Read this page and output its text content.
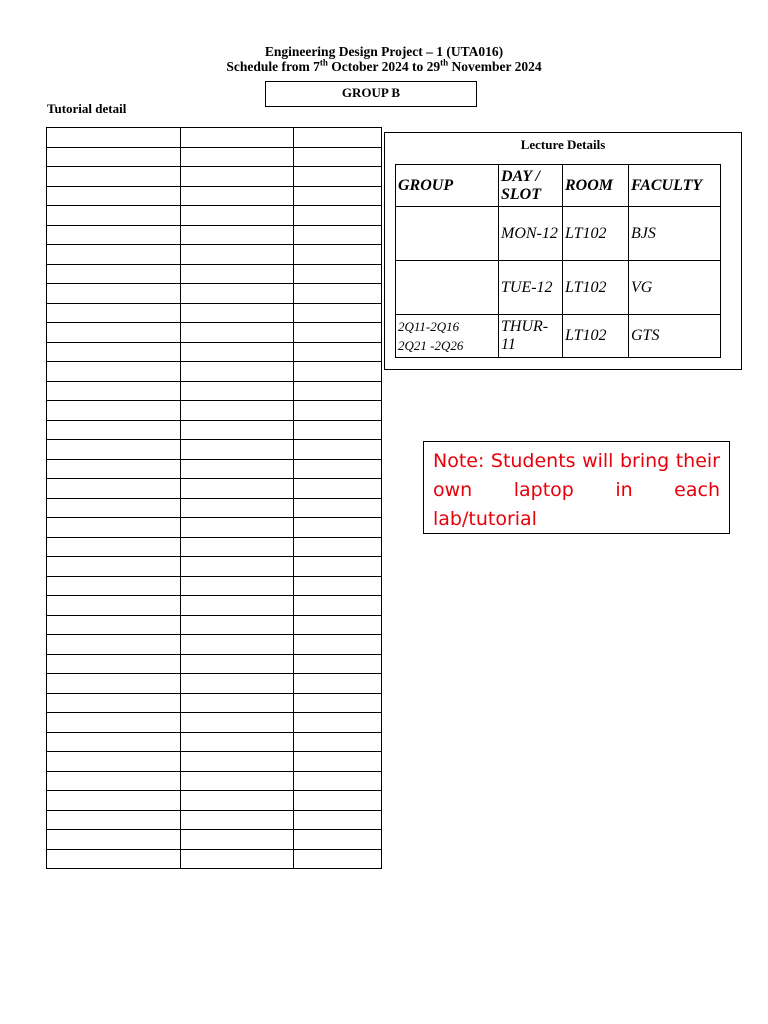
Engineering Design Project – 1 (UTA016)
Schedule from 7th October 2024 to 29th November 2024
GROUP B
Tutorial detail

Lecture Details
GROUP	DAY / SLOT	ROOM	FACULTY

	MON-12	LT102	BJS

	TUE-12	LT102	VG

2Q11-2Q16
2Q21 -2Q26	THUR-11	LT102	GTS
Note: Students will bring their own laptop in each lab/tutorial
